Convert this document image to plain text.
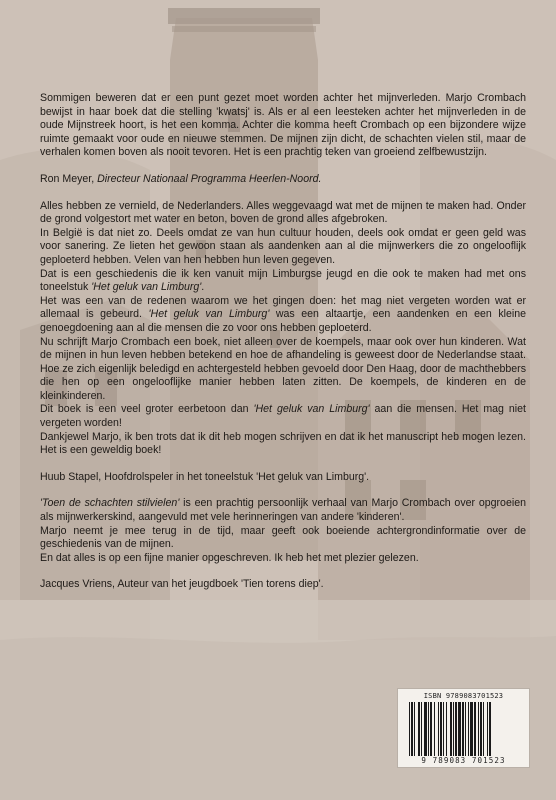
Sommigen beweren dat er een punt gezet moet worden achter het mijnverleden. Marjo Crombach bewijst in haar boek dat die stelling 'kwatsj' is. Als er al een leesteken achter het mijnverleden in de oude Mijnstreek hoort, is het een komma. Achter die komma heeft Crombach op een bijzondere wijze ruimte gemaakt voor oude en nieuwe stemmen. De mijnen zijn dicht, de schachten vielen stil, maar de verhalen komen boven als nooit tevoren. Het is een prachtig teken van groeiend zelfbewustzijn.

Ron Meyer, Directeur Nationaal Programma Heerlen-Noord.

Alles hebben ze vernield, de Nederlanders. Alles weggevaagd wat met de mijnen te maken had. Onder de grond volgestort met water en beton, boven de grond alles afgebroken.

In België is dat niet zo. Deels omdat ze van hun cultuur houden, deels ook omdat er geen geld was voor sanering. Ze lieten het gewoon staan als aandenken aan al die mijnwerkers die zo ongelooflijk geploeterd hebben. Velen van hen hebben hun leven gegeven.

Dat is een geschiedenis die ik ken vanuit mijn Limburgse jeugd en die ook te maken had met ons toneelstuk 'Het geluk van Limburg'.

Het was een van de redenen waarom we het gingen doen: het mag niet vergeten worden wat er allemaal is gebeurd. 'Het geluk van Limburg' was een altaartje, een aandenken en een kleine genoegdoening aan al die mensen die zo voor ons hebben geploeterd.

Nu schrijft Marjo Crombach een boek, niet alleen over de koempels, maar ook over hun kinderen. Wat de mijnen in hun leven hebben betekend en hoe de afhandeling is geweest door de Nederlandse staat. Hoe ze zich eigenlijk beledigd en achtergesteld hebben gevoeld door Den Haag, door de machthebbers die hen op een ongelooflijke manier hebben laten zitten. De koempels, de kinderen en de kleinkinderen.

Dit boek is een veel groter eerbetoon dan 'Het geluk van Limburg' aan die mensen. Het mag niet vergeten worden!

Dankjewel Marjo, ik ben trots dat ik dit heb mogen schrijven en dat ik het manuscript heb mogen lezen. Het is een geweldig boek!

Huub Stapel, Hoofdrolspeler in het toneelstuk 'Het geluk van Limburg'.

'Toen de schachten stilvielen' is een prachtig persoonlijk verhaal van Marjo Crombach over opgroeien als mijnwerkerskind, aangevuld met vele herinneringen van andere 'kinderen'.

Marjo neemt je mee terug in de tijd, maar geeft ook boeiende achtergrondinformatie over de geschiedenis van de mijnen.

En dat alles is op een fijne manier opgeschreven. Ik heb het met plezier gelezen.

Jacques Vriens, Auteur van het jeugdboek 'Tien torens diep'.

ISBN 9789083701523
9 789083 701523
